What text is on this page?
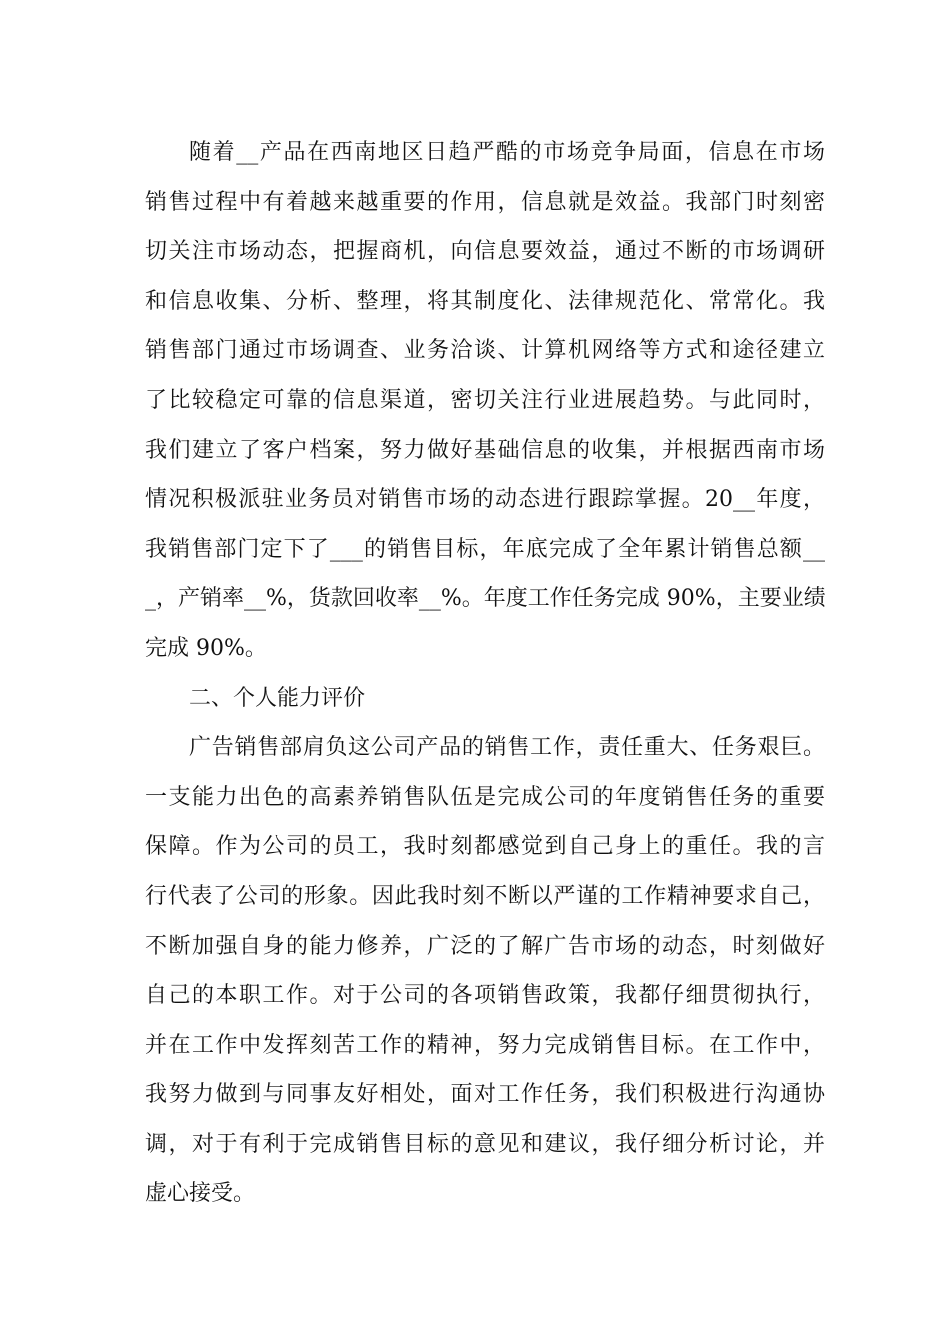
随着__产品在西南地区日趋严酷的市场竞争局面，信息在市场
销售过程中有着越来越重要的作用，信息就是效益。我部门时刻密
切关注市场动态，把握商机，向信息要效益，通过不断的市场调研
和信息收集、分析、整理，将其制度化、法律规范化、常常化。我
销售部门通过市场调查、业务洽谈、计算机网络等方式和途径建立
了比较稳定可靠的信息渠道，密切关注行业进展趋势。与此同时，
我们建立了客户档案，努力做好基础信息的收集，并根据西南市场
情况积极派驻业务员对销售市场的动态进行跟踪掌握。20__年度，
我销售部门定下了___的销售目标，年底完成了全年累计销售总额__
_，产销率__%，货款回收率__%。年度工作任务完成 90%，主要业绩
完成 90%。
二、个人能力评价
广告销售部肩负这公司产品的销售工作，责任重大、任务艰巨。
一支能力出色的高素养销售队伍是完成公司的年度销售任务的重要
保障。作为公司的员工，我时刻都感觉到自己身上的重任。我的言
行代表了公司的形象。因此我时刻不断以严谨的工作精神要求自己，
不断加强自身的能力修养，广泛的了解广告市场的动态，时刻做好
自己的本职工作。对于公司的各项销售政策，我都仔细贯彻执行，
并在工作中发挥刻苦工作的精神，努力完成销售目标。在工作中，
我努力做到与同事友好相处，面对工作任务，我们积极进行沟通协
调，对于有利于完成销售目标的意见和建议，我仔细分析讨论，并
虚心接受。
